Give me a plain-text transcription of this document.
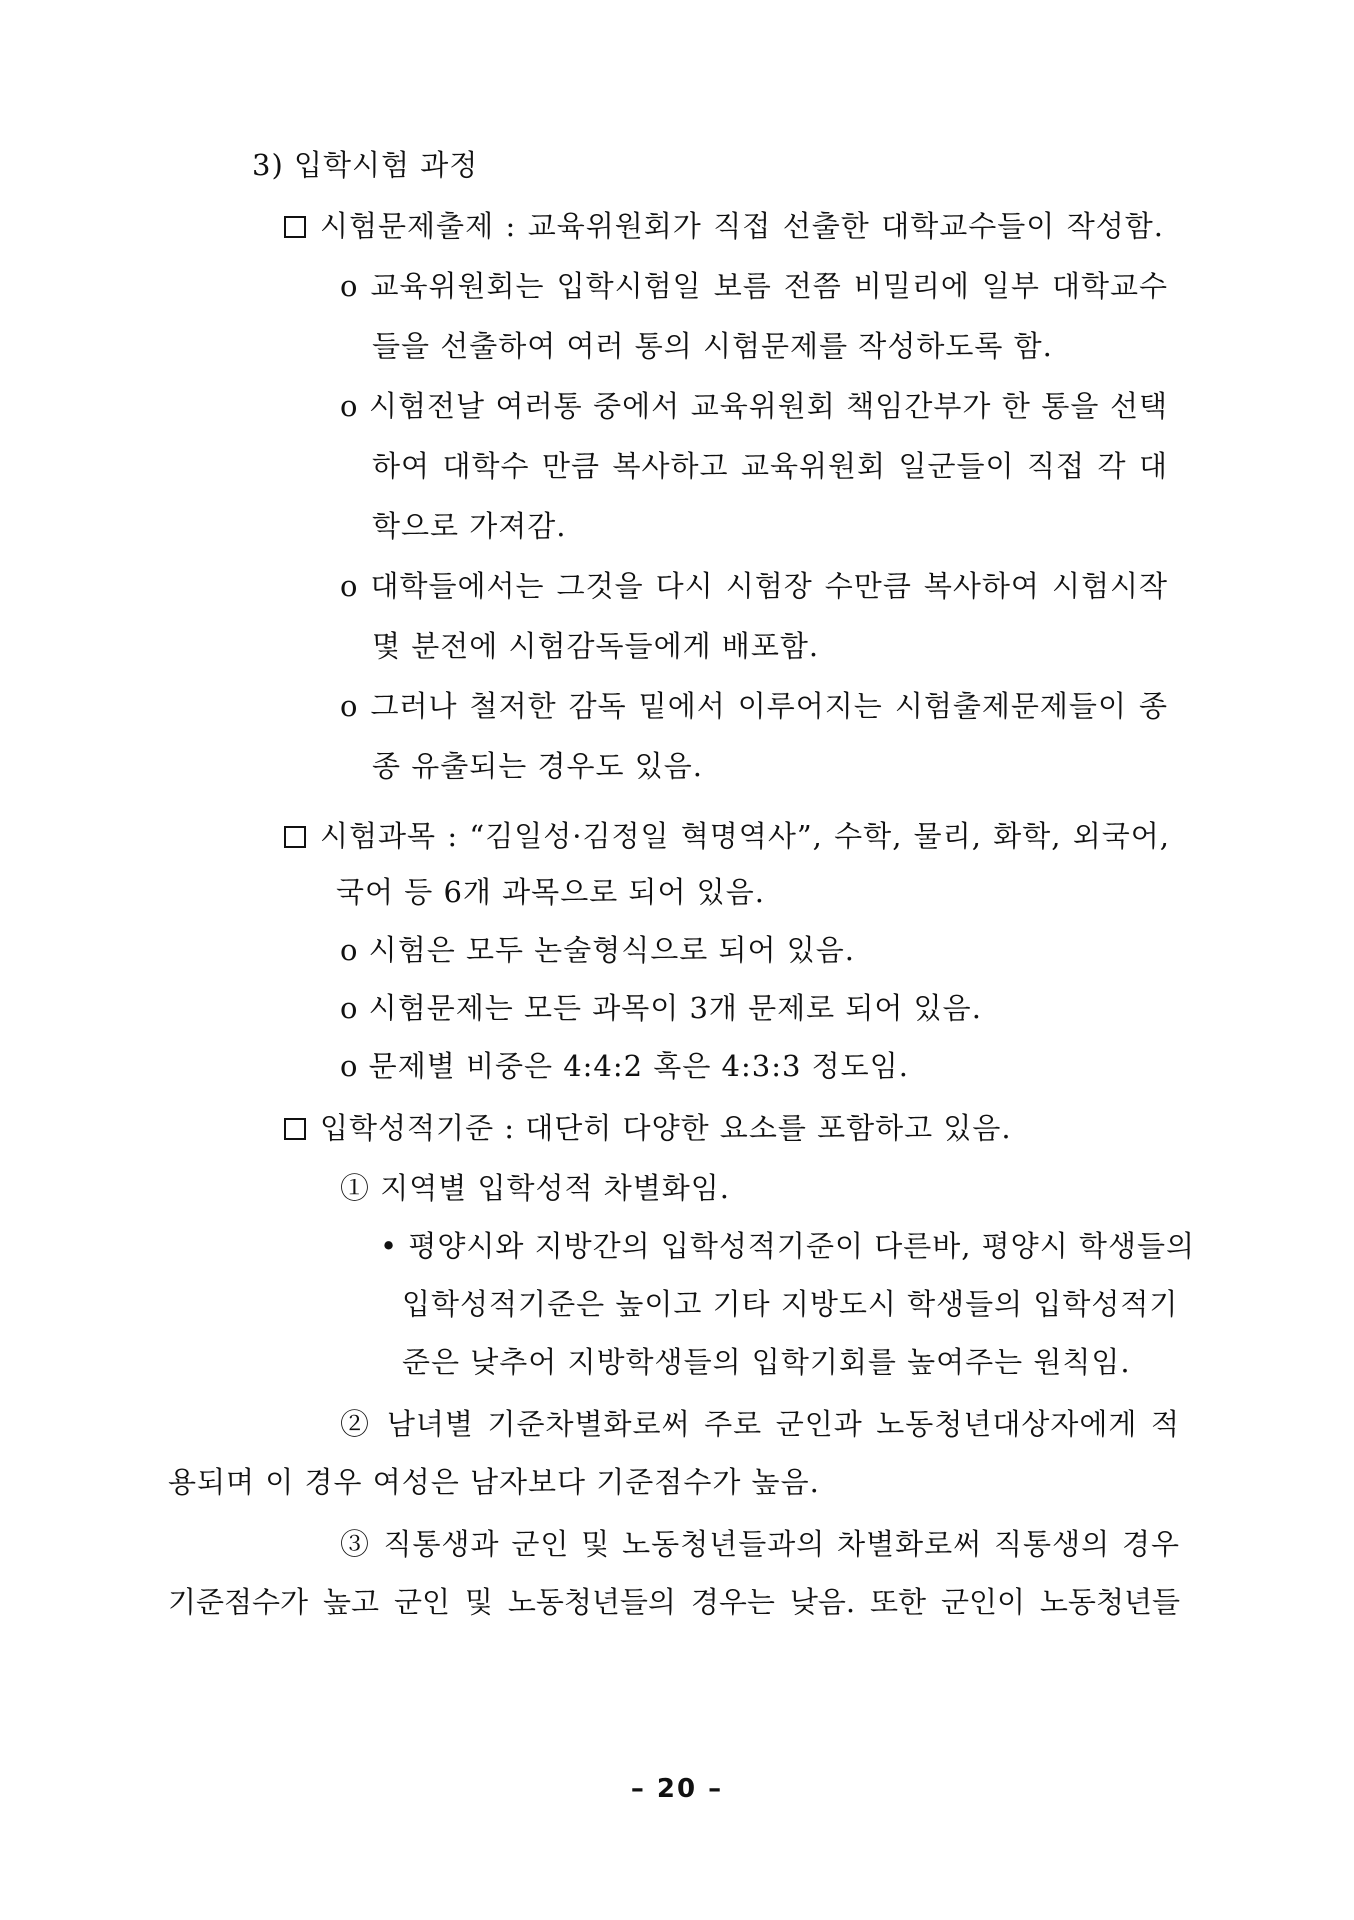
3) 입학시험 과정
시험문제출제 : 교육위원회가 직접 선출한 대학교수들이 작성함.
o 교육위원회는 입학시험일 보름 전쯤 비밀리에 일부 대학교수
들을 선출하여 여러 통의 시험문제를 작성하도록 함.
o 시험전날 여러통 중에서 교육위원회 책임간부가 한 통을 선택
하여 대학수 만큼 복사하고 교육위원회 일군들이 직접 각 대
학으로 가져감.
o 대학들에서는 그것을 다시 시험장 수만큼 복사하여 시험시작
몇 분전에 시험감독들에게 배포함.
o 그러나 철저한 감독 밑에서 이루어지는 시험출제문제들이 종
종 유출되는 경우도 있음.
시험과목 : “김일성·김정일 혁명역사”, 수학, 물리, 화학, 외국어,
국어 등 6개 과목으로 되어 있음.
o 시험은 모두 논술형식으로 되어 있음.
o 시험문제는 모든 과목이 3개 문제로 되어 있음.
o 문제별 비중은 4:4:2 혹은 4:3:3 정도임.
입학성적기준 : 대단히 다양한 요소를 포함하고 있음.
① 지역별 입학성적 차별화임.
• 평양시와 지방간의 입학성적기준이 다른바, 평양시 학생들의
입학성적기준은 높이고 기타 지방도시 학생들의 입학성적기
준은 낮추어 지방학생들의 입학기회를 높여주는 원칙임.
② 남녀별 기준차별화로써 주로 군인과 노동청년대상자에게 적
용되며 이 경우 여성은 남자보다 기준점수가 높음.
③ 직통생과 군인 및 노동청년들과의 차별화로써 직통생의 경우
기준점수가 높고 군인 및 노동청년들의 경우는 낮음. 또한 군인이 노동청년들
– 20 –
